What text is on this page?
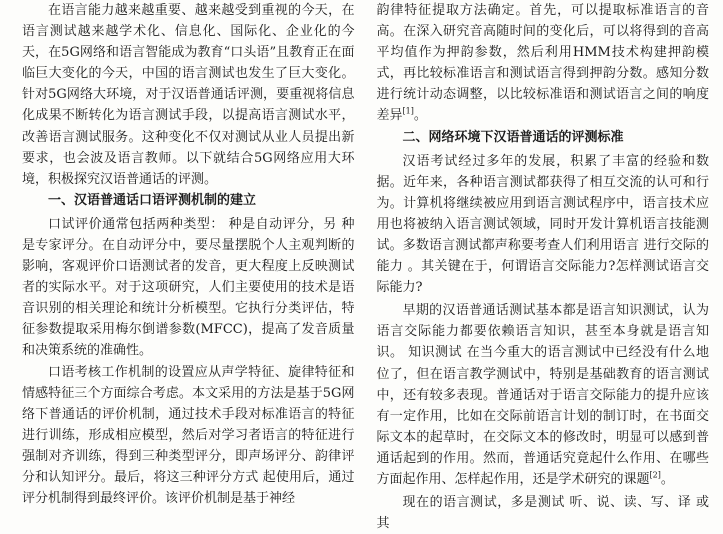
在语言能力越来越重要、越来越受到重视的今天，在语言测试越来越学术化、信息化、国际化、企业化的今天，在5G网络和语言智能成为教育“口头语”且教育正在面临巨大变化的今天，中国的语言测试也发生了巨大变化。针对5G网络大环境，对于汉语普通话评测，要重视将信息化成果不断转化为语言测试手段，以提高语言测试水平，改善语言测试服务。这种变化不仅对测试从业人员提出新要求，也会波及语言教师。以下就结合5G网络应用大环境，积极探究汉语普通话的评测。

一、汉语普通话口语评测机制的建立

口试评价通常包括两种类型： 种是自动评分，另 种是专家评分。在自动评分中，要尽量摆脱个人主观判断的影响，客观评价口语测试者的发音，更大程度上反映测试者的实际水平。对于这项研究，人们主要使用的技术是语音识别的相关理论和统计分析模型。它执行分类评估，特征参数提取采用梅尔倒谱参数(MFCC)，提高了发音质量和决策系统的准确性。

口语考核工作机制的设置应从声学特征、旋律特征和情感特征三个方面综合考虑。本文采用的方法是基于5G网络下普通话的评价机制，通过技术手段对标准语言的特征进行训练，形成相应模型，然后对学习者语言的特征进行强制对齐训练，得到三种类型评分，即声场评分、韵律评分和认知评分。最后，将这三种评分方式 起使用后，通过评分机制得到最终评价。该评价机制是基于神经

韵律特征提取方法确定。首先，可以提取标准语言的音高。在深入研究音高随时间的变化后，可以将得到的音高平均值作为押韵参数，然后利用HMM技术构建押韵模式，再比较标准语言和测试语言得到押韵分数。感知分数进行统计动态调整，以比较标准语和测试语言之间的响度差异[1]。

二、网络环境下汉语普通话的评测标准

汉语考试经过多年的发展，积累了丰富的经验和数据。近年来，各种语言测试都获得了相互交流的认可和行为。计算机将继续被应用到语言测试程序中，语言技术应用也将被纳入语言测试领域，同时开发计算机语言技能测试。多数语言测试都声称要考查人们利用语言 进行交际的能力 。其关键在于，何谓语言交际能力?怎样测试语言交际能力?

早期的汉语普通话测试基本都是语言知识测试，认为语言交际能力都要依赖语言知识，甚至本身就是语言知识。 知识测试 在当今重大的语言测试中已经没有什么地位了，但在语言教学测试中，特别是基础教育的语言测试中，还有较多表现。普通话对于语言交际能力的提升应该有一定作用，比如在交际前语言计划的制订时，在书面交际文本的起草时，在交际文本的修改时，明显可以感到普通话起到的作用。然而，普通话究竟起什么作用、在哪些方面起作用、怎样起作用，还是学术研究的课题[2]。

现在的语言测试，多是测试 听、说、读、写、译 或其
